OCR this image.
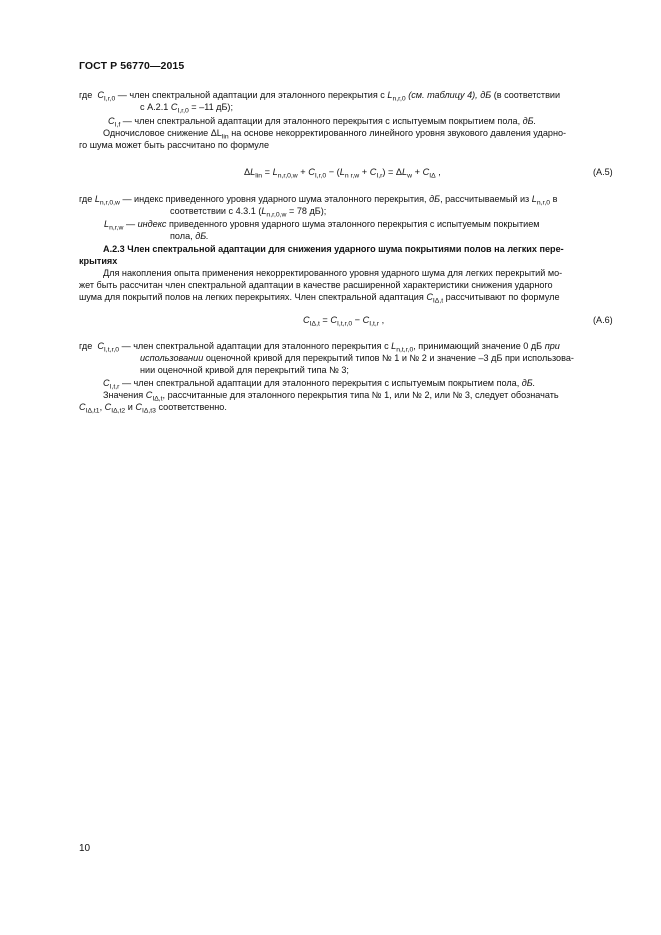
ГОСТ Р 56770—2015
где $C_{I,r,0}$ — член спектральной адаптации для эталонного перекрытия с $L_{n,r,0}$ (см. таблицу 4), дБ (в соответствии
с А.2.1 $C_{I,r,0} = -11$ дБ);
$C_{I,f}$ — член спектральной адаптации для эталонного перекрытия с испытуемым покрытием пола, дБ.
Одночисловое снижение $\Delta L_{lin}$ на основе некорректированного линейного уровня звукового давления ударно-
го шума может быть рассчитано по формуле
$\Delta L_{lin} = L_{n,r,0,w} + C_{I,r,0} - (L_{n r,w} + C_{I,r}) = \Delta L_w + C_{I\Delta}$ ,	(А.5)
где $L_{n,r,0,w}$ — индекс приведенного уровня ударного шума эталонного перекрытия, дБ, рассчитываемый из $L_{n,r,0}$ в
соответствии с 4.3.1 ($L_{n,r,0,w} = 78$ дБ);
$L_{n,r,w}$ — индекс приведенного уровня ударного шума эталонного перекрытия с испытуемым покрытием
пола, дБ.
А.2.3 Член спектральной адаптации для снижения ударного шума покрытиями полов на легких пере-
крытиях
Для накопления опыта применения некорректированного уровня ударного шума для легких перекрытий мо-
жет быть рассчитан член спектральной адаптации в качестве расширенной характеристики снижения ударного
шума для покрытий полов на легких перекрытиях. Член спектральной адаптация $C_{I\Delta,t}$ рассчитывают по формуле
$C_{I\Delta,t} = C_{I,t,r,0} - C_{I,t,r}$ ,	(А.6)
где $C_{I,t,r,0}$ — член спектральной адаптации для эталонного перекрытия с $L_{n,t,r,0}$, принимающий значение 0 дБ при
использовании оценочной кривой для перекрытий типов № 1 и № 2 и значение –3 дБ при использова-
нии оценочной кривой для перекрытий типа № 3;
$C_{I,t,r}$ — член спектральной адаптации для эталонного перекрытия с испытуемым покрытием пола, дБ.
Значения $C_{I\Delta,t}$, рассчитанные для эталонного перекрытия типа № 1, или № 2, или № 3, следует обозначать
$C_{I\Delta,t1}$, $C_{I\Delta,t2}$ и $C_{I\Delta,t3}$ соответственно.
10
